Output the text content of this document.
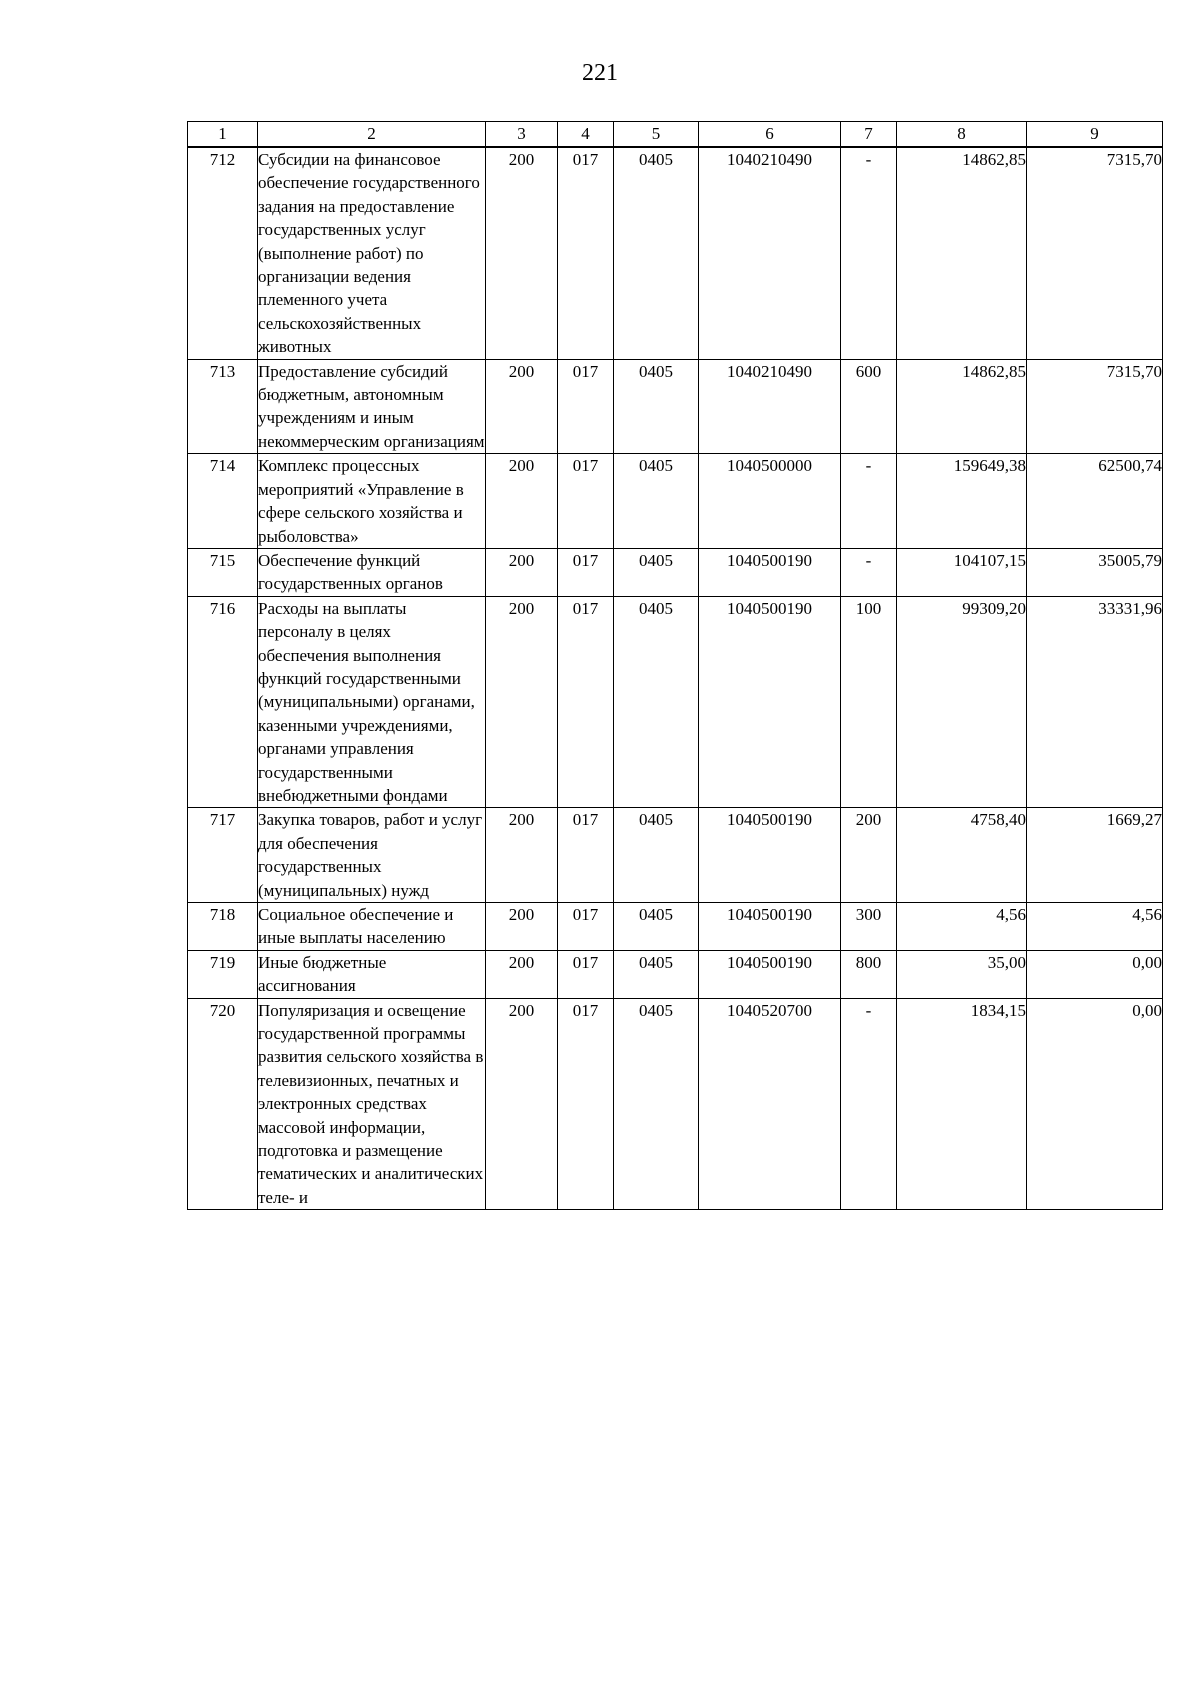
221
1	2	3	4	5	6	7	8	9
712	Субсидии на финансовое обеспечение государственного задания на предоставление государственных услуг (выполнение работ) по организации ведения племенного учета сельскохозяйственных животных	200	017	0405	1040210490	-	14862,85	7315,70
713	Предоставление субсидий бюджетным, автономным учреждениям и иным некоммерческим организациям	200	017	0405	1040210490	600	14862,85	7315,70
714	Комплекс процессных мероприятий «Управление в сфере сельского хозяйства и рыболовства»	200	017	0405	1040500000	-	159649,38	62500,74
715	Обеспечение функций государственных органов	200	017	0405	1040500190	-	104107,15	35005,79
716	Расходы на выплаты персоналу в целях обеспечения выполнения функций государственными (муниципальными) органами, казенными учреждениями, органами управления государственными внебюджетными фондами	200	017	0405	1040500190	100	99309,20	33331,96
717	Закупка товаров, работ и услуг для обеспечения государственных (муниципальных) нужд	200	017	0405	1040500190	200	4758,40	1669,27
718	Социальное обеспечение и иные выплаты населению	200	017	0405	1040500190	300	4,56	4,56
719	Иные бюджетные ассигнования	200	017	0405	1040500190	800	35,00	0,00
720	Популяризация и освещение государственной программы развития сельского хозяйства в телевизионных, печатных и электронных средствах массовой информации, подготовка и размещение тематических и аналитических теле- и	200	017	0405	1040520700	-	1834,15	0,00
